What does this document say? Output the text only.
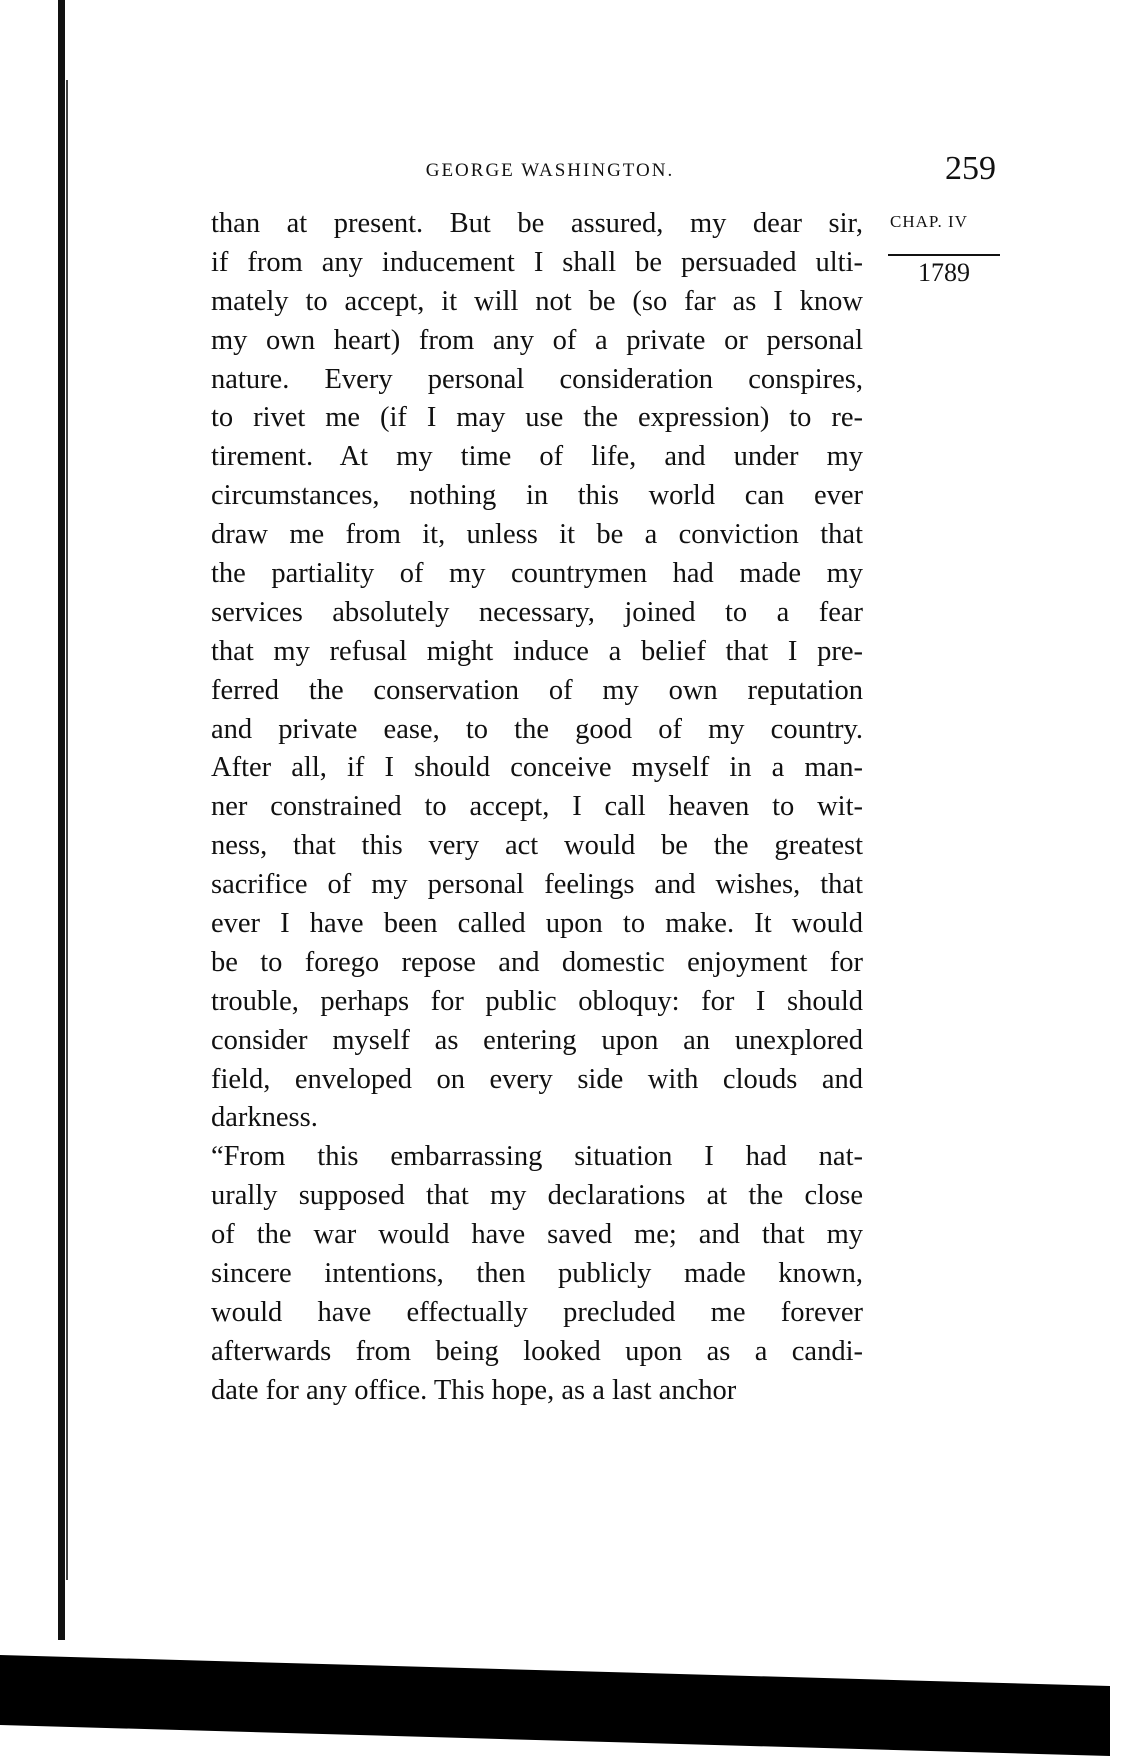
GEORGE WASHINGTON.	259
CHAP. IV
1789
than at present. But be assured, my dear sir,
if from any inducement I shall be persuaded ulti-
mately to accept, it will not be (so far as I know
my own heart) from any of a private or personal
nature. Every personal consideration conspires,
to rivet me (if I may use the expression) to re-
tirement. At my time of life, and under my
circumstances, nothing in this world can ever
draw me from it, unless it be a conviction that
the partiality of my countrymen had made my
services absolutely necessary, joined to a fear
that my refusal might induce a belief that I pre-
ferred the conservation of my own reputation
and private ease, to the good of my country.
After all, if I should conceive myself in a man-
ner constrained to accept, I call heaven to wit-
ness, that this very act would be the greatest
sacrifice of my personal feelings and wishes, that
ever I have been called upon to make. It would
be to forego repose and domestic enjoyment for
trouble, perhaps for public obloquy: for I should
consider myself as entering upon an unexplored
field, enveloped on every side with clouds and
darkness.
“From this embarrassing situation I had nat-
urally supposed that my declarations at the close
of the war would have saved me; and that my
sincere intentions, then publicly made known,
would have effectually precluded me forever
afterwards from being looked upon as a candi-
date for any office. This hope, as a last anchor
